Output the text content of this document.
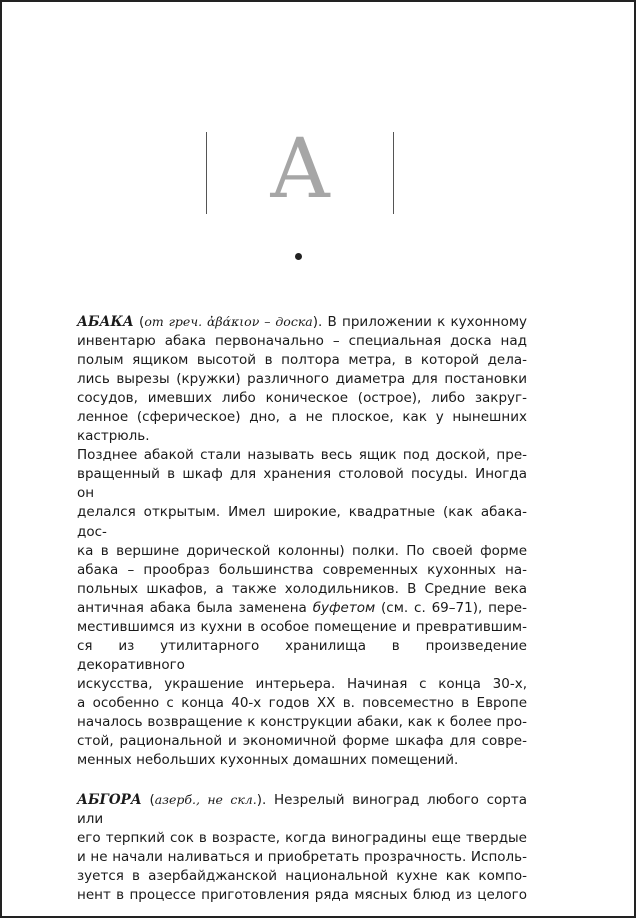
А

АБАКА (от греч. ἀβάκιον – доска). В приложении к кухонному

инвентарю абака первоначально – специальная доска над

полым ящиком высотой в полтора метра, в которой дела-

лись вырезы (кружки) различного диаметра для постановки

сосудов, имевших либо коническое (острое), либо закруг-

ленное (сферическое) дно, а не плоское, как у нынешних

кастрюль.

Позднее абакой стали называть весь ящик под доской, пре-

вращенный в шкаф для хранения столовой посуды. Иногда он

делался открытым. Имел широкие, квадратные (как абака-дос-

ка в вершине дорической колонны) полки. По своей форме

абака – прообраз большинства современных кухонных на-

польных шкафов, а также холодильников. В Средние века

античная абака была заменена буфетом (см. с. 69–71), пере-

местившимся из кухни в особое помещение и превратившим-

ся из утилитарного хранилища в произведение декоративного

искусства, украшение интерьера. Начиная с конца 30-х,

а особенно с конца 40-х годов XX в. повсеместно в Европе

началось возвращение к конструкции абаки, как к более про-

стой, рациональной и экономичной форме шкафа для совре-

менных небольших кухонных домашних помещений.

АБГОРА (азерб., не скл.). Незрелый виноград любого сорта или

его терпкий сок в возрасте, когда виноградины еще твердые

и не начали наливаться и приобретать прозрачность. Исполь-

зуется в азербайджанской национальной кухне как компо-

нент в процессе приготовления ряда мясных блюд из целого
